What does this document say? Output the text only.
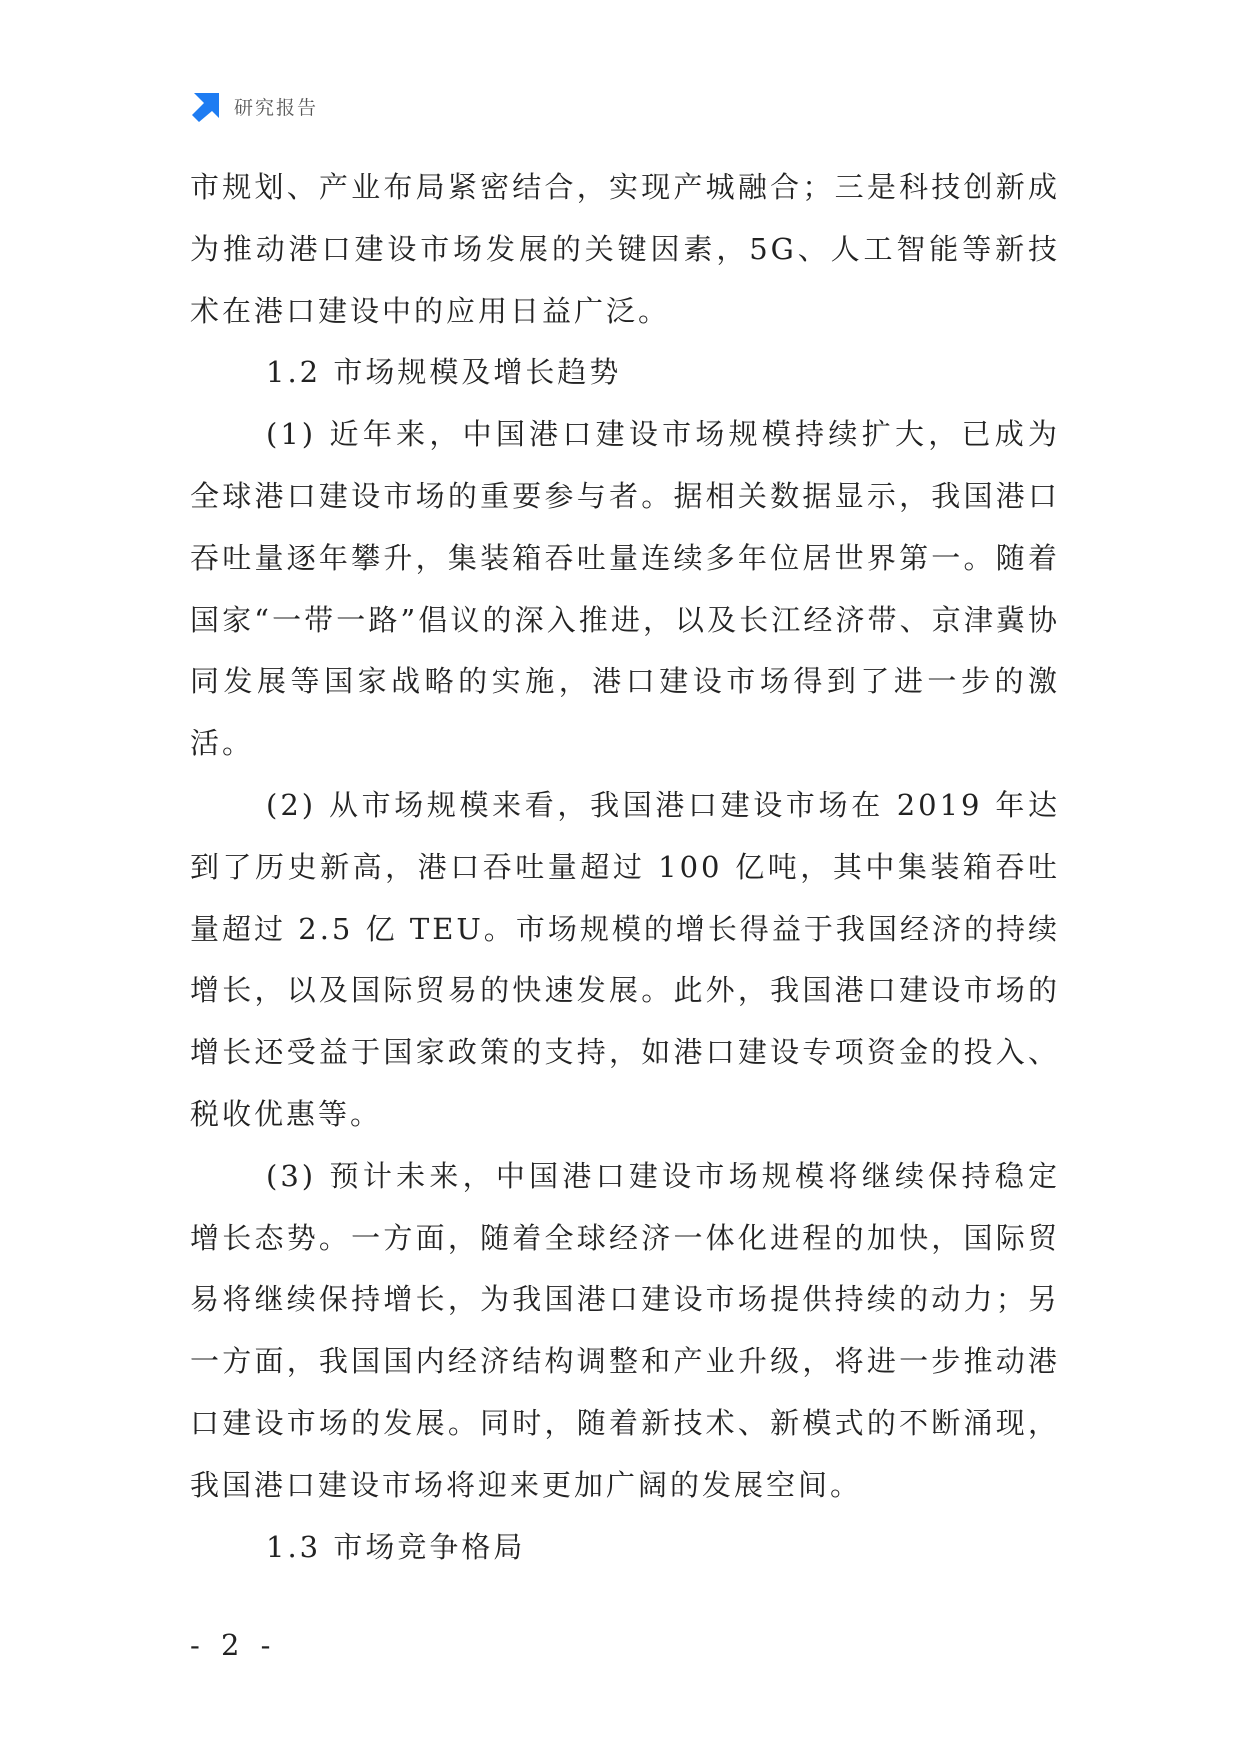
研究报告

市规划、产业布局紧密结合，实现产城融合；三是科技创新成为推动港口建设市场发展的关键因素，5G、人工智能等新技术在港口建设中的应用日益广泛。

1.2 市场规模及增长趋势

(1) 近年来，中国港口建设市场规模持续扩大，已成为全球港口建设市场的重要参与者。据相关数据显示，我国港口吞吐量逐年攀升，集装箱吞吐量连续多年位居世界第一。随着国家“一带一路”倡议的深入推进，以及长江经济带、京津冀协同发展等国家战略的实施，港口建设市场得到了进一步的激活。

(2) 从市场规模来看，我国港口建设市场在 2019 年达到了历史新高，港口吞吐量超过 100 亿吨，其中集装箱吞吐量超过 2.5 亿 TEU。市场规模的增长得益于我国经济的持续增长，以及国际贸易的快速发展。此外，我国港口建设市场的增长还受益于国家政策的支持，如港口建设专项资金的投入、税收优惠等。

(3) 预计未来，中国港口建设市场规模将继续保持稳定增长态势。一方面，随着全球经济一体化进程的加快，国际贸易将继续保持增长，为我国港口建设市场提供持续的动力；另一方面，我国国内经济结构调整和产业升级，将进一步推动港口建设市场的发展。同时，随着新技术、新模式的不断涌现，我国港口建设市场将迎来更加广阔的发展空间。

1.3 市场竞争格局

- 2 -
